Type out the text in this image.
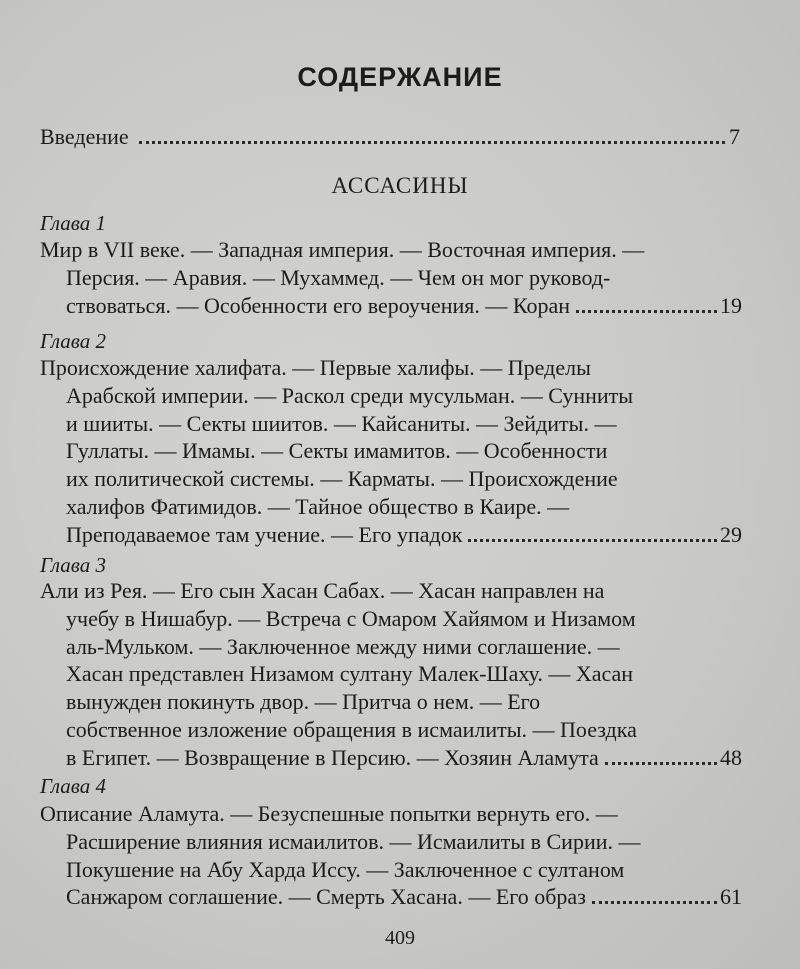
СОДЕРЖАНИЕ
Введение	7
АССАСИНЫ
Глава 1
Мир в VII веке. — Западная империя. — Восточная империя. —
Персия. — Аравия. — Мухаммед. — Чем он мог руковод-
ствоваться. — Особенности его вероучения. — Коран	19
Глава 2
Происхождение халифата. — Первые халифы. — Пределы
Арабской империи. — Раскол среди мусульман. — Сунниты
и шииты. — Секты шиитов. — Кайсаниты. — Зейдиты. —
Гуллаты. — Имамы. — Секты имамитов. — Особенности
их политической системы. — Карматы. — Происхождение
халифов Фатимидов. — Тайное общество в Каире. —
Преподаваемое там учение. — Его упадок	29
Глава 3
Али из Рея. — Его сын Хасан Сабах. — Хасан направлен на
учебу в Нишабур. — Встреча с Омаром Хайямом и Низамом
аль-Мульком. — Заключенное между ними соглашение. —
Хасан представлен Низамом султану Малек-Шаху. — Хасан
вынужден покинуть двор. — Притча о нем. — Его
собственное изложение обращения в исмаилиты. — Поездка
в Египет. — Возвращение в Персию. — Хозяин Аламута	48
Глава 4
Описание Аламута. — Безуспешные попытки вернуть его. —
Расширение влияния исмаилитов. — Исмаилиты в Сирии. —
Покушение на Абу Харда Иссу. — Заключенное с султаном
Санжаром соглашение. — Смерть Хасана. — Его образ	61
409
